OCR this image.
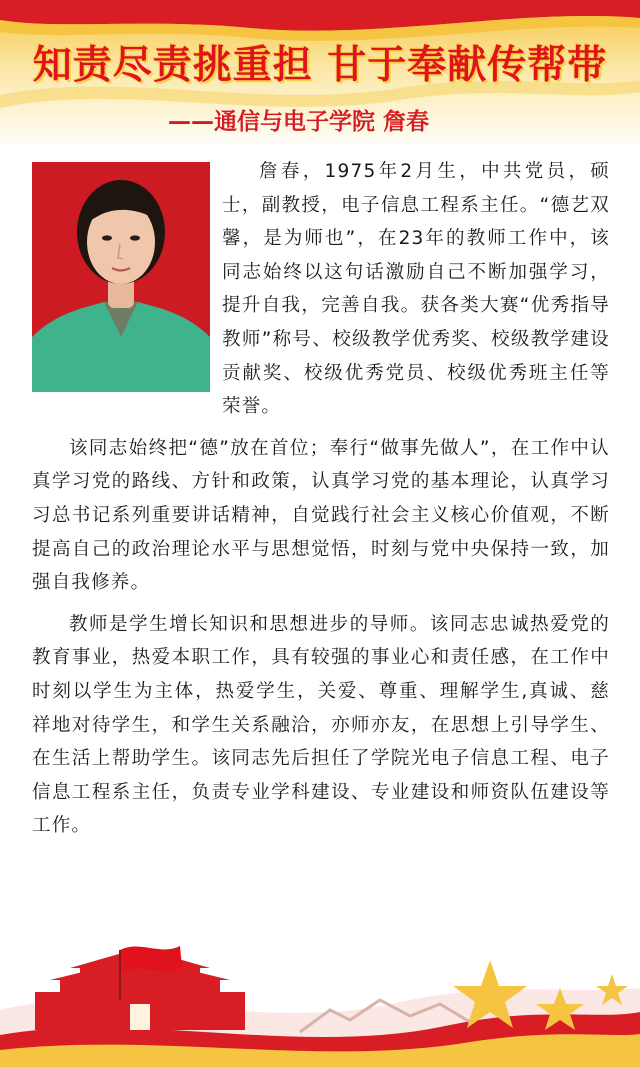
知责尽责挑重担 甘于奉献传帮带
——通信与电子学院 詹春

詹春，1975年2月生，中共党员，硕士，副教授，电子信息工程系主任。“德艺双馨，是为师也”，在23年的教师工作中，该同志始终以这句话激励自己不断加强学习，提升自我，完善自我。获各类大赛“优秀指导教师”称号、校级教学优秀奖、校级教学建设贡献奖、校级优秀党员、校级优秀班主任等荣誉。

该同志始终把“德”放在首位；奉行“做事先做人”，在工作中认真学习党的路线、方针和政策，认真学习党的基本理论，认真学习习总书记系列重要讲话精神，自觉践行社会主义核心价值观，不断提高自己的政治理论水平与思想觉悟，时刻与党中央保持一致，加强自我修养。

教师是学生增长知识和思想进步的导师。该同志忠诚热爱党的教育事业，热爱本职工作，具有较强的事业心和责任感，在工作中时刻以学生为主体，热爱学生，关爱、尊重、理解学生,真诚、慈祥地对待学生，和学生关系融洽，亦师亦友，在思想上引导学生、在生活上帮助学生。该同志先后担任了学院光电子信息工程、电子信息工程系主任，负责专业学科建设、专业建设和师资队伍建设等工作。
